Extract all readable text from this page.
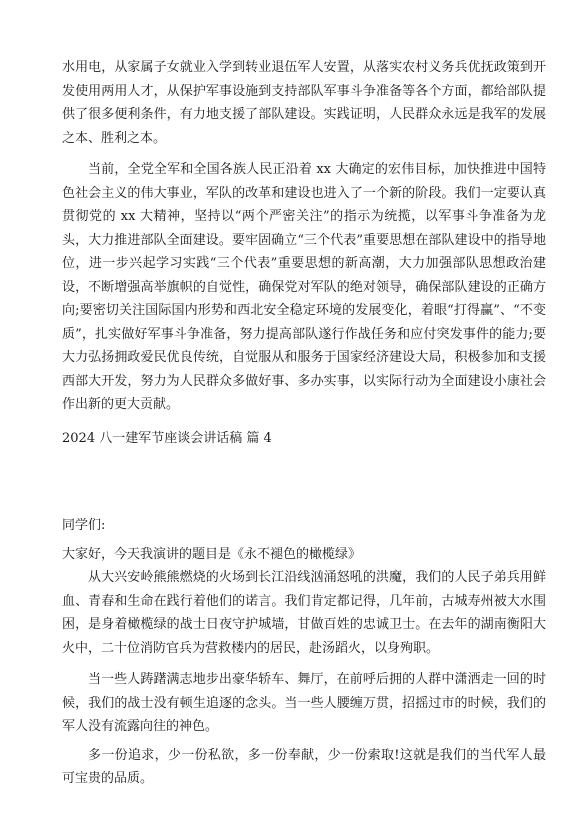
水用电，从家属子女就业入学到转业退伍军人安置，从落实农村义务兵优抚政策到开发使用两用人才，从保护军事设施到支持部队军事斗争准备等各个方面，都给部队提供了很多便利条件，有力地支援了部队建设。实践证明，人民群众永远是我军的发展之本、胜利之本。

当前，全党全军和全国各族人民正沿着 xx 大确定的宏伟目标，加快推进中国特色社会主义的伟大事业，军队的改革和建设也进入了一个新的阶段。我们一定要认真贯彻党的 xx 大精神，坚持以“两个严密关注”的指示为统揽，以军事斗争准备为龙头，大力推进部队全面建设。要牢固确立“三个代表”重要思想在部队建设中的指导地位，进一步兴起学习实践“三个代表”重要思想的新高潮，大力加强部队思想政治建设，不断增强高举旗帜的自觉性，确保党对军队的绝对领导，确保部队建设的正确方向;要密切关注国际国内形势和西北安全稳定环境的发展变化，着眼“打得赢”、“不变质”，扎实做好军事斗争准备，努力提高部队遂行作战任务和应付突发事件的能力;要大力弘扬拥政爱民优良传统，自觉服从和服务于国家经济建设大局，积极参加和支援西部大开发，努力为人民群众多做好事、多办实事，以实际行动为全面建设小康社会作出新的更大贡献。

2024 八一建军节座谈会讲话稿 篇 4

同学们:

大家好，今天我演讲的题目是《永不褪色的橄榄绿》

从大兴安岭熊熊燃烧的火场到长江沿线汹涌怒吼的洪魔，我们的人民子弟兵用鲜血、青春和生命在践行着他们的诺言。我们肯定都记得，几年前，古城寿州被大水围困，是身着橄榄绿的战士日夜守护城墙，甘做百姓的忠诚卫士。在去年的湖南衡阳大火中，二十位消防官兵为营救楼内的居民，赴汤蹈火，以身殉职。

当一些人踌躇满志地步出豪华轿车、舞厅，在前呼后拥的人群中潇洒走一回的时候，我们的战士没有顿生追逐的念头。当一些人腰缠万贯，招摇过市的时候，我们的军人没有流露向往的神色。

多一份追求，少一份私欲，多一份奉献，少一份索取!这就是我们的当代军人最可宝贵的品质。
